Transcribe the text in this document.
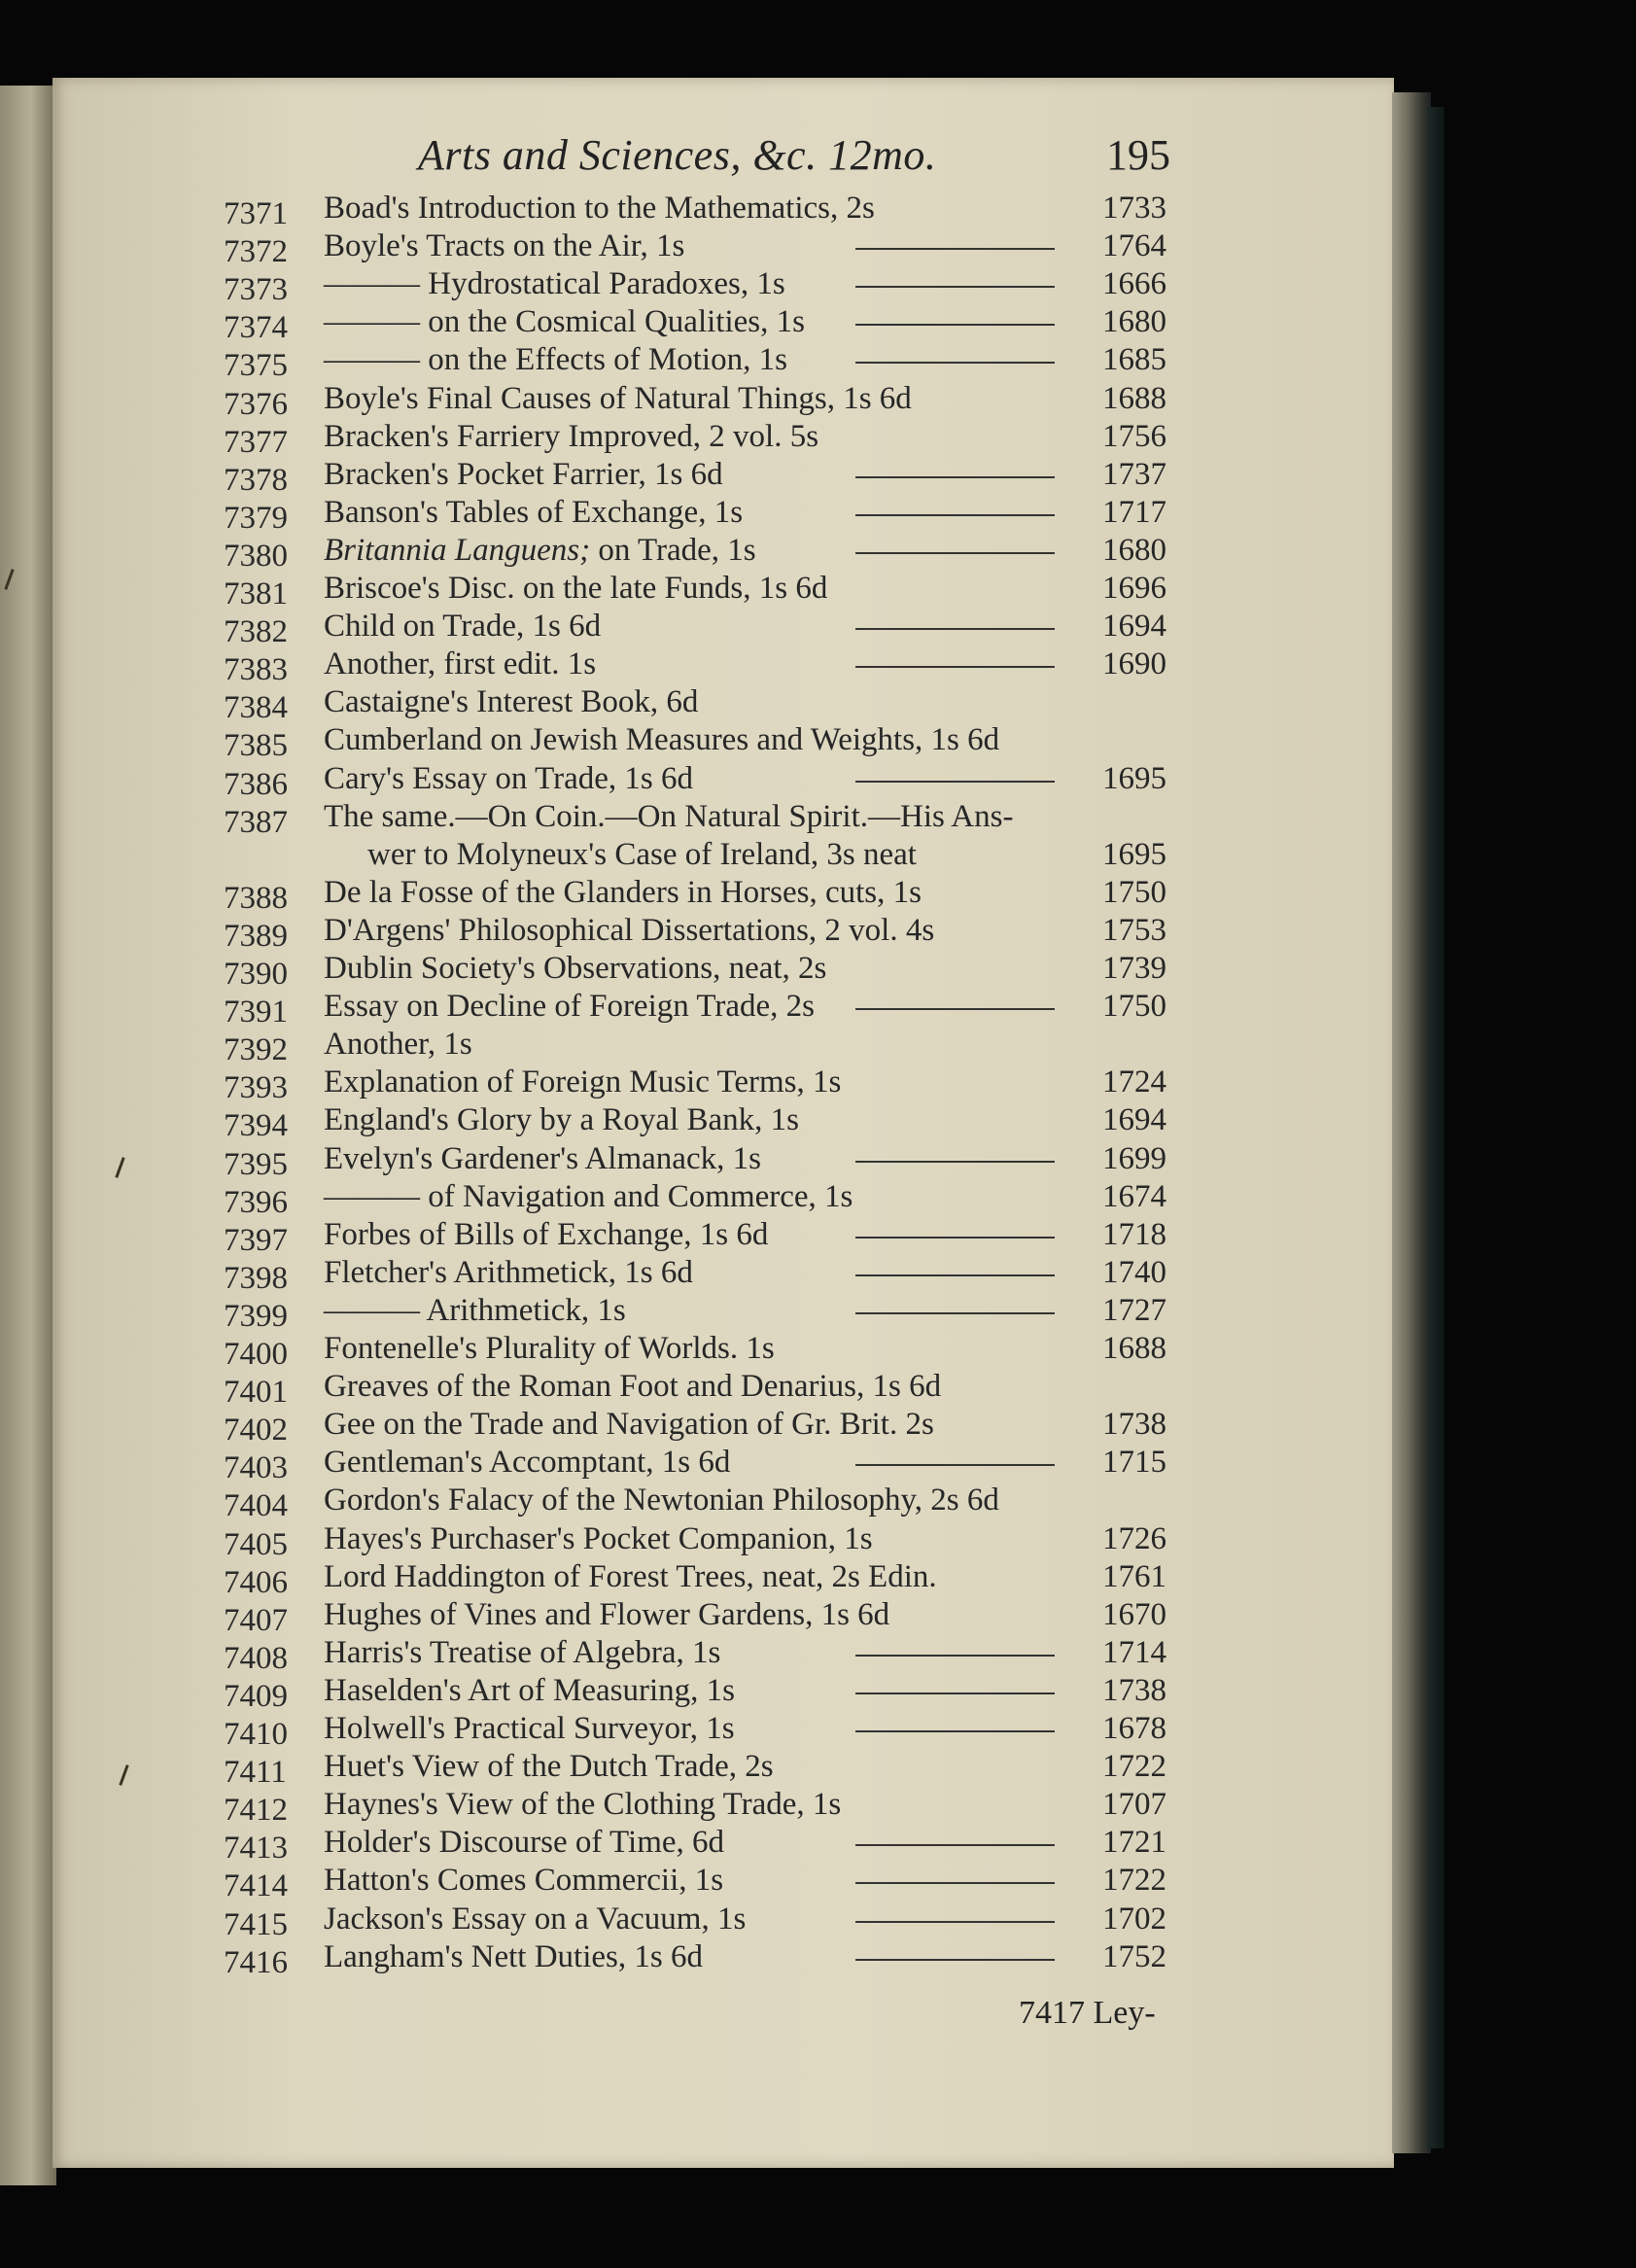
Arts and Sciences, &c. 12mo.	195
7371 Boad's Introduction to the Mathematics, 2s	1733
7372 Boyle's Tracts on the Air, 1s	1764
7373 ——— Hydrostatical Paradoxes, 1s	1666
7374 ——— on the Cosmical Qualities, 1s	1680
7375 ——— on the Effects of Motion, 1s	1685
7376 Boyle's Final Causes of Natural Things, 1s 6d	1688
7377 Bracken's Farriery Improved, 2 vol. 5s	1756
7378 Bracken's Pocket Farrier, 1s 6d	1737
7379 Banson's Tables of Exchange, 1s	1717
7380 Britannia Languens; on Trade, 1s	1680
7381 Briscoe's Disc. on the late Funds, 1s 6d	1696
7382 Child on Trade, 1s 6d	1694
7383 Another, first edit. 1s	1690
7384 Castaigne's Interest Book, 6d
7385 Cumberland on Jewish Measures and Weights, 1s 6d
7386 Cary's Essay on Trade, 1s 6d	1695
7387 The same.—On Coin.—On Natural Spirit.—His Ans-
wer to Molyneux's Case of Ireland, 3s neat	1695
7388 De la Fosse of the Glanders in Horses, cuts, 1s	1750
7389 D'Argens' Philosophical Dissertations, 2 vol. 4s	1753
7390 Dublin Society's Observations, neat, 2s	1739
7391 Essay on Decline of Foreign Trade, 2s	1750
7392 Another, 1s
7393 Explanation of Foreign Music Terms, 1s	1724
7394 England's Glory by a Royal Bank, 1s	1694
7395 Evelyn's Gardener's Almanack, 1s	1699
7396 ——— of Navigation and Commerce, 1s	1674
7397 Forbes of Bills of Exchange, 1s 6d	1718
7398 Fletcher's Arithmetick, 1s 6d	1740
7399 ——— Arithmetick, 1s	1727
7400 Fontenelle's Plurality of Worlds. 1s	1688
7401 Greaves of the Roman Foot and Denarius, 1s 6d
7402 Gee on the Trade and Navigation of Gr. Brit. 2s	1738
7403 Gentleman's Accomptant, 1s 6d	1715
7404 Gordon's Falacy of the Newtonian Philosophy, 2s 6d
7405 Hayes's Purchaser's Pocket Companion, 1s	1726
7406 Lord Haddington of Forest Trees, neat, 2s Edin.	1761
7407 Hughes of Vines and Flower Gardens, 1s 6d	1670
7408 Harris's Treatise of Algebra, 1s	1714
7409 Haselden's Art of Measuring, 1s	1738
7410 Holwell's Practical Surveyor, 1s	1678
7411 Huet's View of the Dutch Trade, 2s	1722
7412 Haynes's View of the Clothing Trade, 1s	1707
7413 Holder's Discourse of Time, 6d	1721
7414 Hatton's Comes Commercii, 1s	1722
7415 Jackson's Essay on a Vacuum, 1s	1702
7416 Langham's Nett Duties, 1s 6d	1752
7417 Ley-
